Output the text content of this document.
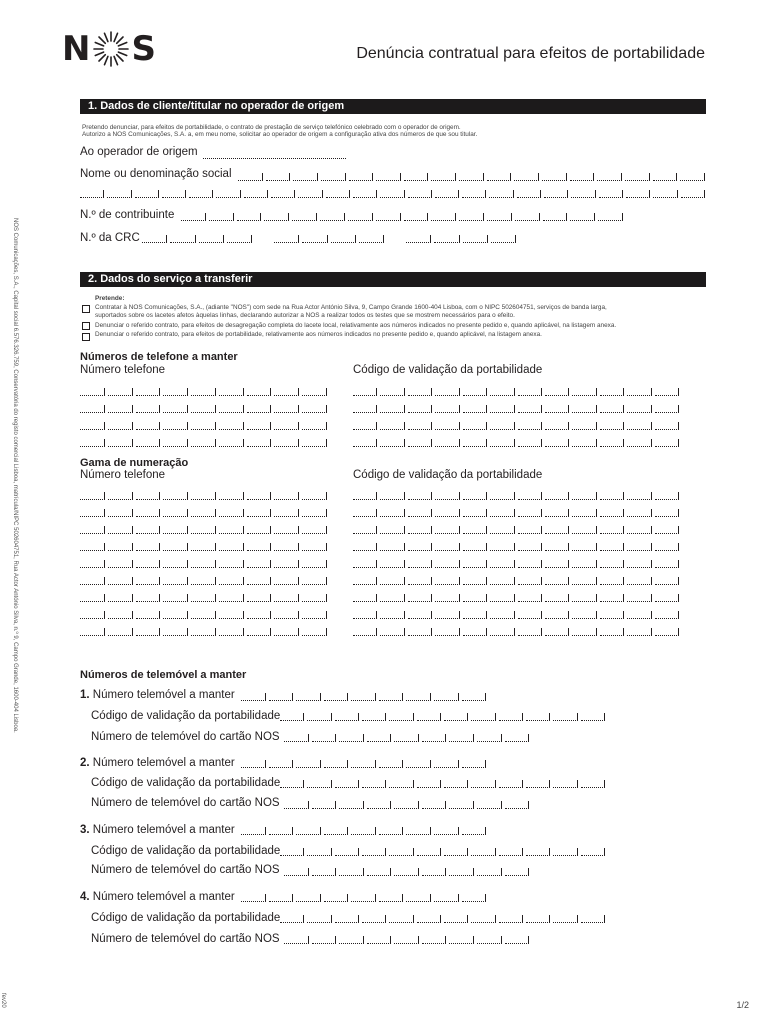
N S	Denúncia contratual para efeitos de portabilidade
NOS Comunicações, S.A., Capital social 6.576.326.759, Conservatória do registo comercial Lisboa, matrícula/NIPC 502604751, Rua Actor António Silva, n.º 9, Campo Grande, 1600-404 Lisboa.
fev20
1. Dados de cliente/titular no operador de origem
Pretendo denunciar, para efeitos de portabilidade, o contrato de prestação de serviço telefónico celebrado com o operador de origem.
Autorizo a NOS Comunicações, S.A. a, em meu nome, solicitar ao operador de origem a configuração ativa dos números de que sou titular.
Ao operador de origem
Nome ou denominação social
N.º de contribuinte
N.º da CRC
2. Dados do serviço a transferir
Pretende:
Contratar à NOS Comunicações, S.A., (adiante "NOS") com sede na Rua Actor António Silva, 9, Campo Grande 1600-404 Lisboa, com o NIPC 502604751, serviços de banda larga,
suportados sobre os lacetes afetos àquelas linhas, declarando autorizar a NOS a realizar todos os testes que se mostrem necessários para o efeito.
Denunciar o referido contrato, para efeitos de desagregação completa do lacete local, relativamente aos números indicados no presente pedido e, quando aplicável, na listagem anexa.
Denunciar o referido contrato, para efeitos de portabilidade, relativamente aos números indicados no presente pedido e, quando aplicável, na listagem anexa.
Números de telefone a manter
Número telefone	Código de validação da portabilidade
Gama de numeração
Número telefone	Código de validação da portabilidade
Números de telemóvel a manter
1. Número telemóvel a manter
Código de validação da portabilidade
Número de telemóvel do cartão NOS
2. Número telemóvel a manter
Código de validação da portabilidade
Número de telemóvel do cartão NOS
3. Número telemóvel a manter
Código de validação da portabilidade
Número de telemóvel do cartão NOS
4. Número telemóvel a manter
Código de validação da portabilidade
Número de telemóvel do cartão NOS
1/2
